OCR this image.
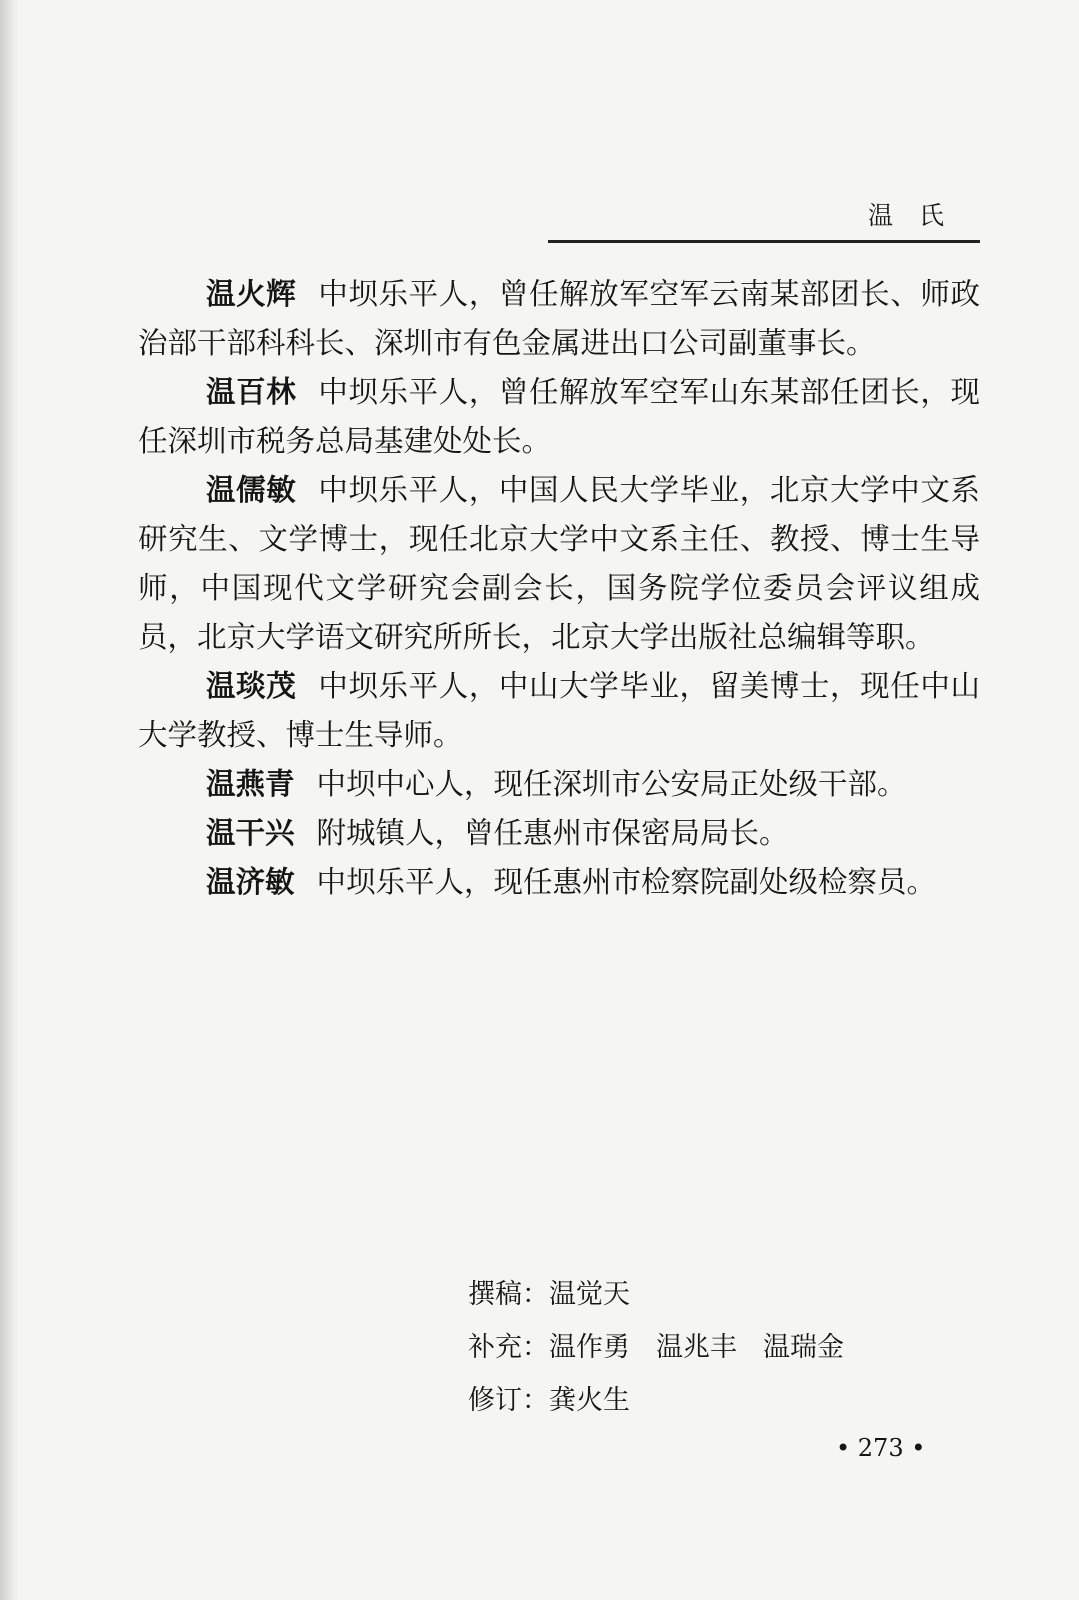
温氏

温火辉 中坝乐平人，曾任解放军空军云南某部团长、师政治部干部科科长、深圳市有色金属进出口公司副董事长。

温百林 中坝乐平人，曾任解放军空军山东某部任团长，现任深圳市税务总局基建处处长。

温儒敏 中坝乐平人，中国人民大学毕业，北京大学中文系研究生、文学博士，现任北京大学中文系主任、教授、博士生导师，中国现代文学研究会副会长，国务院学位委员会评议组成员，北京大学语文研究所所长，北京大学出版社总编辑等职。

温琰茂 中坝乐平人，中山大学毕业，留美博士，现任中山大学教授、博士生导师。

温燕青 中坝中心人，现任深圳市公安局正处级干部。

温干兴 附城镇人，曾任惠州市保密局局长。

温济敏 中坝乐平人，现任惠州市检察院副处级检察员。

撰稿：温觉天
补充：温作勇 温兆丰 温瑞金
修订：龚火生
• 273 •
